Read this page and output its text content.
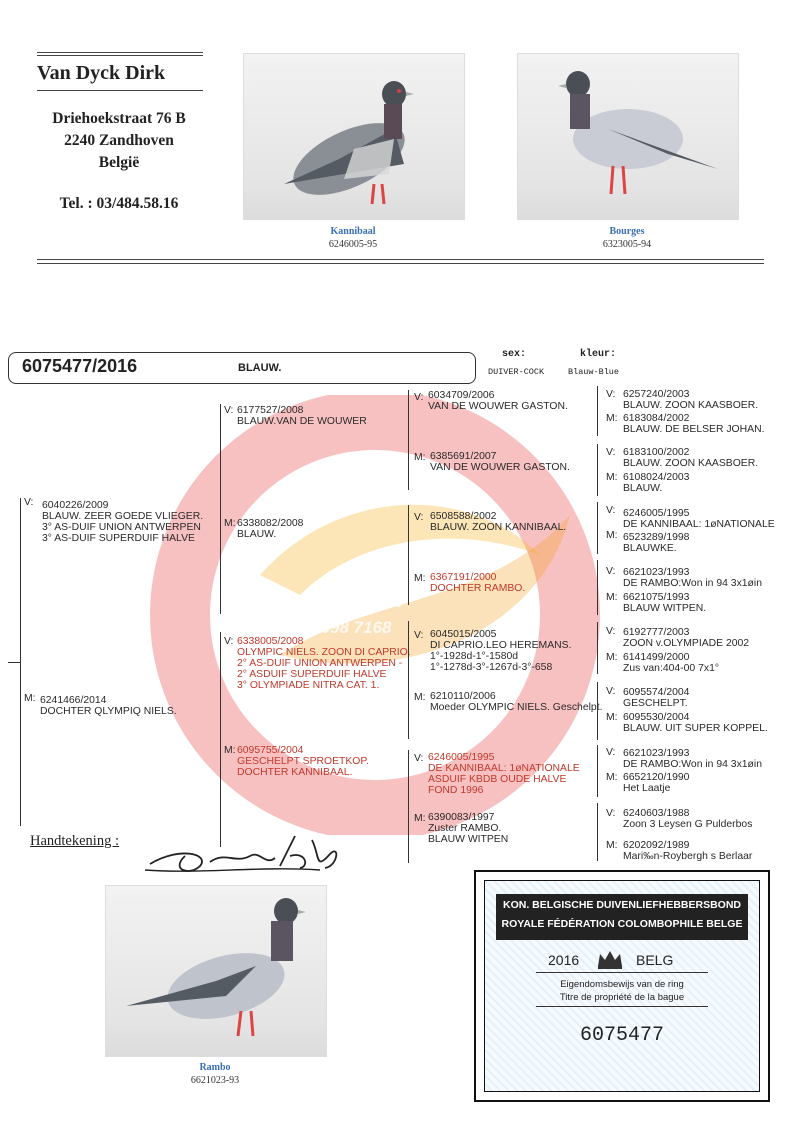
冠道传媒.臻品信鸽
156 1598 7168
Van Dyck Dirk
Driehoekstraat 76 B
2240 Zandhoven
België
Tel. : 03/484.58.16
Kannibaal
6246005-95
Bourges
6323005-94
6075477/2016	BLAUW.
sex:
DUIVER-COCK
kleur:
Blauw-Blue
V:
M:
6040226/2009
BLAUW. ZEER GOEDE VLIEGER.
3° AS-DUIF UNION ANTWERPEN
3° AS-DUIF SUPERDUIF HALVE
6241466/2014
DOCHTER QLYMPIQ NIELS.
V:
M:
V:
M:
6177527/2008
BLAUW.VAN DE WOUWER
6338082/2008
BLAUW.
6338005/2008
OLYMPIC NIELS. ZOON DI CAPRIO.
2° AS-DUIF UNION ANTWERPEN -
2° ASDUIF SUPERDUIF HALVE
3° OLYMPIADE NITRA CAT. 1.
6095755/2004
GESCHELPT SPROETKOP.
DOCHTER KANNIBAAL.
V:
M:
V:
M:
V:
M:
V:
M:
6034709/2006
VAN DE WOUWER GASTON.
6385691/2007
VAN DE WOUWER GASTON.
6508588/2002
BLAUW. ZOON KANNIBAAL.
6367191/2000
DOCHTER RAMBO.
6045015/2005
DI CAPRIO.LEO HEREMANS.
1°-1928d-1°-1580d
1°-1278d-3°-1267d-3°-658
6210110/2006
Moeder OLYMPIC NIELS. Geschelpt.
6246005/1995
DE KANNIBAAL: 1øNATIONALE
ASDUIF KBDB OUDE HALVE
FOND 1996
6390083/1997
Zuster RAMBO.
BLAUW WITPEN
V:
M:
V:
M:
V:
M:
V:
M:
V:
M:
V:
M:
V:
M:
V:
M:
6257240/2003
BLAUW. ZOON KAASBOER.
6183084/2002
BLAUW. DE BELSER JOHAN.
6183100/2002
BLAUW. ZOON KAASBOER.
6108024/2003
BLAUW.
6246005/1995
DE KANNIBAAL: 1øNATIONALE
6523289/1998
BLAUWKE.
6621023/1993
DE RAMBO:Won in 94 3x1øin
6621075/1993
BLAUW WITPEN.
6192777/2003
ZOON v.OLYMPIADE 2002
6141499/2000
Zus van:404-00 7x1°
6095574/2004
GESCHELPT.
6095530/2004
BLAUW. UIT SUPER KOPPEL.
6621023/1993
DE RAMBO:Won in 94 3x1øin
6652120/1990
Het Laatje
6240603/1988
Zoon 3 Leysen G Pulderbos
6202092/1989
Mari‰n-Roybergh s Berlaar
Handtekening :
Rambo
6621023-93
KON. BELGISCHE DUIVENLIEFHEBBERSBOND
ROYALE FÉDÉRATION COLOMBOPHILE BELGE
2016	BELG
Eigendomsbewijs van de ring
Titre de propriété de la bague
6075477
